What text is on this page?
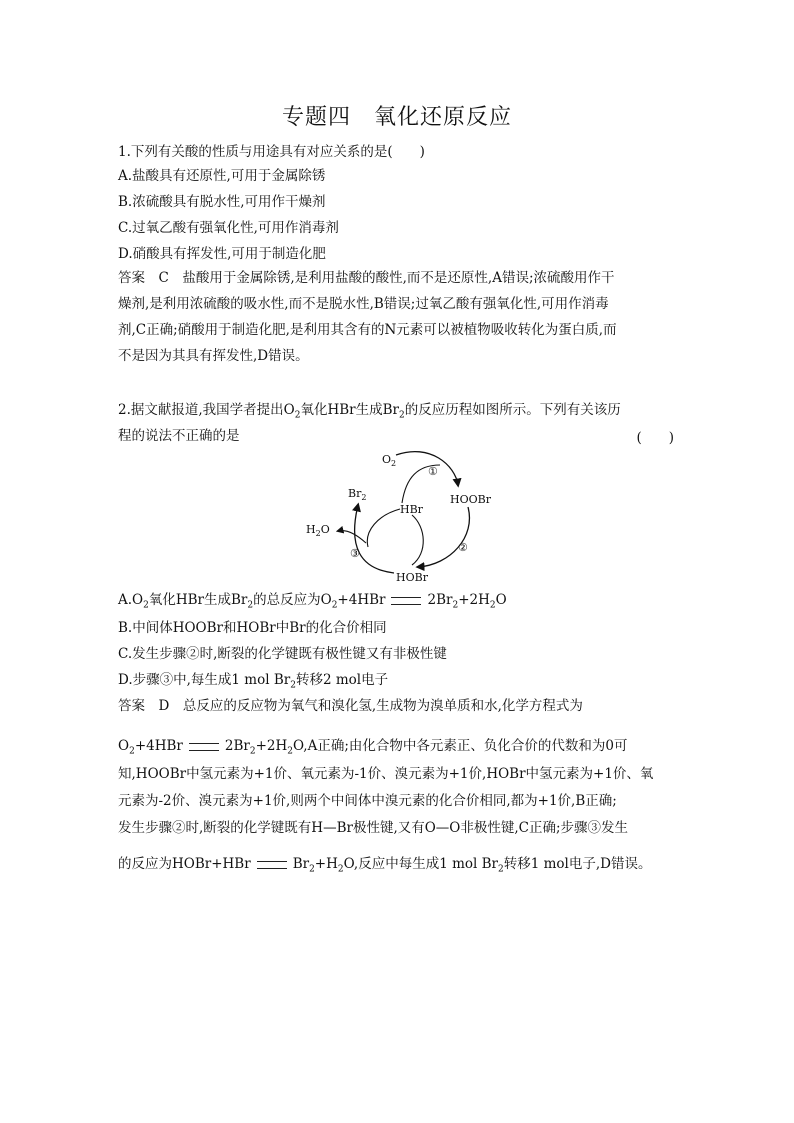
专题四　氧化还原反应
1.下列有关酸的性质与用途具有对应关系的是(　　)
A.盐酸具有还原性,可用于金属除锈
B.浓硫酸具有脱水性,可用作干燥剂
C.过氧乙酸有强氧化性,可用作消毒剂
D.硝酸具有挥发性,可用于制造化肥

答案　C　盐酸用于金属除锈,是利用盐酸的酸性,而不是还原性,A错误;浓硫酸用作干

燥剂,是利用浓硫酸的吸水性,而不是脱水性,B错误;过氧乙酸有强氧化性,可用作消毒

剂,C正确;硝酸用于制造化肥,是利用其含有的N元素可以被植物吸收转化为蛋白质,而

不是因为其具有挥发性,D错误。

2.据文献报道,我国学者提出$O_2$氧化HBr生成$Br_2$的反应历程如图所示。下列有关该历
程的说法不正确的是	(　　)
$O_2$
①
HOOBr
HBr
$Br_2$
②
HOBr
③
$H_2O$
$A.O_2$氧化HBr生成$Br_2$的总反应为$O_2+4HBr$	$2Br_2+2H_2O$
B.中间体HOOBr和HOBr中Br的化合价相同
C.发生步骤②时,断裂的化学键既有极性键又有非极性键
D.步骤③中,每生成1 mol $Br_2$转移2 mol电子
答案　D　总反应的反应物为氧气和溴化氢,生成物为溴单质和水,化学方程式为
$O_2+4HBr$	$2Br_2+2H_2O,A$正确;由化合物中各元素正、负化合价的代数和为0可
知,HOOBr中氢元素为+1价、氧元素为-1价、溴元素为+1价,HOBr中氢元素为+1价、氧
元素为-2价、溴元素为+1价,则两个中间体中溴元素的化合价相同,都为+1价,B正确;
发生步骤②时,断裂的化学键既有H—Br极性键,又有O—O非极性键,C正确;步骤③发生
的反应为HOBr+HBr	$Br_2+H_2O$,反应中每生成1 mol $Br_2$转移1 mol电子,D错误。
